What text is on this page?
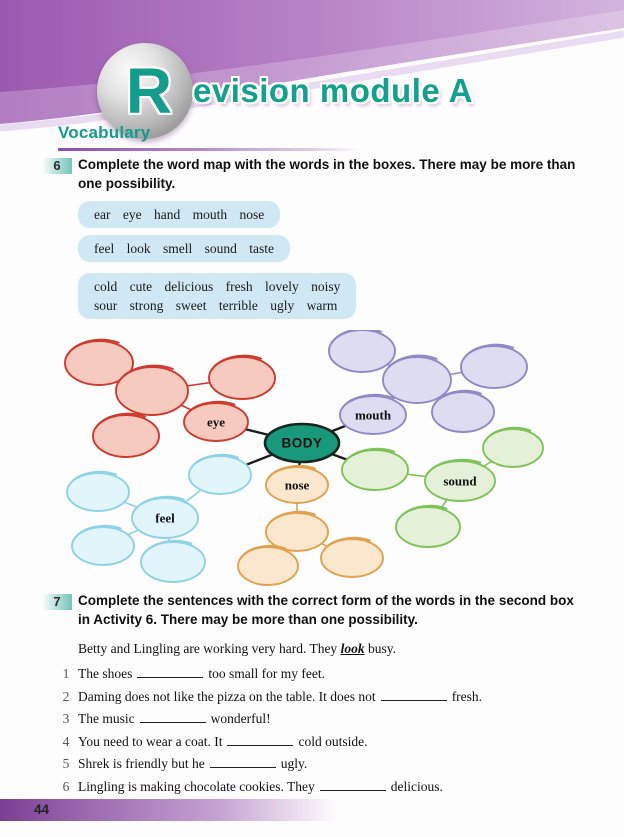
R evision module A
Vocabulary
6	Complete the word map with the words in the boxes. There may be more than one possibility.
ear eye hand mouth nose
feel look smell sound taste
cold cute delicious fresh lovely noisy
sour strong sweet terrible ugly warm
eye	mouth
sound
nose
feel
BODY
7	Complete the sentences with the correct form of the words in the second box in Activity 6. There may be more than one possibility.
Betty and Lingling are working very hard. They look busy.
1 The shoes	too small for my feet.
2 Daming does not like the pizza on the table. It does not	fresh.
3 The music	wonderful!
4 You need to wear a coat. It	cold outside.
5 Shrek is friendly but he	ugly.
6 Lingling is making chocolate cookies. They	delicious.
44
